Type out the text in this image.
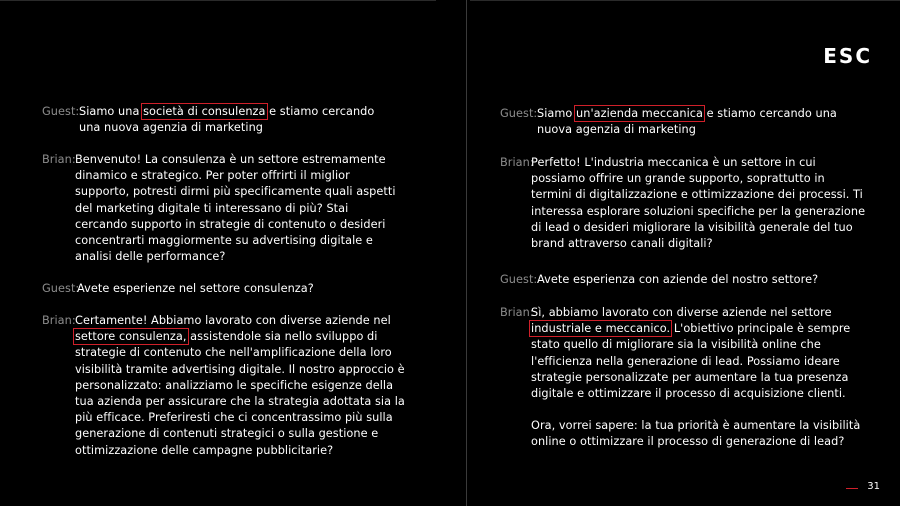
Guest: Siamo una società di consulenza e stiamo cercando una nuova agenzia di marketing
Brian: Benvenuto! La consulenza è un settore estremamente dinamico e strategico. Per poter offrirti il miglior supporto, potresti dirmi più specificamente quali aspetti del marketing digitale ti interessano di più? Stai cercando supporto in strategie di contenuto o desideri concentrarti maggiormente su advertising digitale e analisi delle performance?
Guest:
Avete esperienze nel settore consulenza?
Brian: Certamente! Abbiamo lavorato con diverse aziende nel settore consulenza, assistendole sia nello sviluppo di strategie di contenuto che nell'amplificazione della loro visibilità tramite advertising digitale. Il nostro approccio è personalizzato: analizziamo le specifiche esigenze della tua azienda per assicurare che la strategia adottata sia la più efficace. Preferiresti che ci concentrassimo più sulla generazione di contenuti strategici o sulla gestione e ottimizzazione delle campagne pubblicitarie?
ESC
Guest: Siamo un'azienda meccanica e stiamo cercando una nuova agenzia di marketing
Brian:
Perfetto! L'industria meccanica è un settore in cui possiamo offrire un grande supporto, soprattutto in termini di digitalizzazione e ottimizzazione dei processi. Ti interessa esplorare soluzioni specifiche per la generazione di lead o desideri migliorare la visibilità generale del tuo brand attraverso canali digitali?
Guest: Avete esperienza con aziende del nostro settore?
Brian:
Sì, abbiamo lavorato con diverse aziende nel settore industriale e meccanico. L'obiettivo principale è sempre stato quello di migliorare sia la visibilità online che l'efficienza nella generazione di lead. Possiamo ideare strategie personalizzate per aumentare la tua presenza digitale e ottimizzare il processo di acquisizione clienti.
Ora, vorrei sapere: la tua priorità è aumentare la visibilità online o ottimizzare il processo di generazione di lead?
31
